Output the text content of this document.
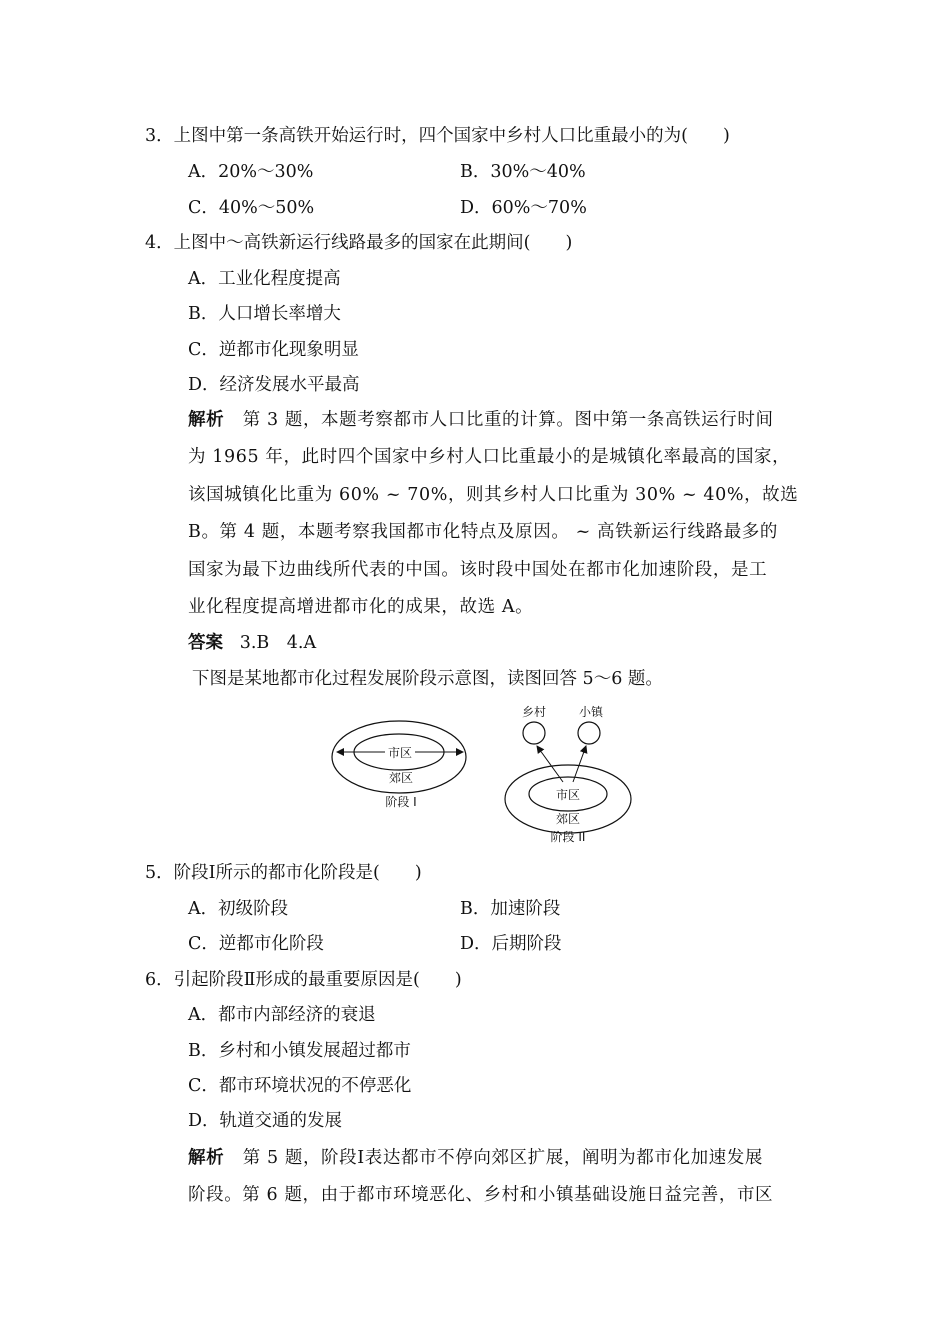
3．上图中第一条高铁开始运行时，四个国家中乡村人口比重最小的为(　　)
A．20%～30%	B．30%～40%
C．40%～50%	D．60%～70%
4．上图中～高铁新运行线路最多的国家在此期间(　　)
A．工业化程度提高
B．人口增长率增大
C．逆都市化现象明显
D．经济发展水平最高
解析 第 3 题，本题考察都市人口比重的计算。图中第一条高铁运行时间
为 1965 年，此时四个国家中乡村人口比重最小的是城镇化率最高的国家，
该国城镇化比重为 60% ~ 70%，则其乡村人口比重为 30% ~ 40%，故选
B。第 4 题，本题考察我国都市化特点及原因。 ~ 高铁新运行线路最多的
国家为最下边曲线所代表的中国。该时段中国处在都市化加速阶段，是工
业化程度提高增进都市化的成果，故选 A。
答案 3.B　4.A
下图是某地都市化过程发展阶段示意图，读图回答 5～6 题。
市区
郊区
阶段 I
乡村	小镇
市区
郊区
阶段 II
5．阶段Ⅰ所示的都市化阶段是(　　)
A．初级阶段	B．加速阶段
C．逆都市化阶段	D．后期阶段
6．引起阶段Ⅱ形成的最重要原因是(　　)
A．都市内部经济的衰退
B．乡村和小镇发展超过都市
C．都市环境状况的不停恶化
D．轨道交通的发展
解析 第 5 题，阶段Ⅰ表达都市不停向郊区扩展，阐明为都市化加速发展
阶段。第 6 题，由于都市环境恶化、乡村和小镇基础设施日益完善，市区
